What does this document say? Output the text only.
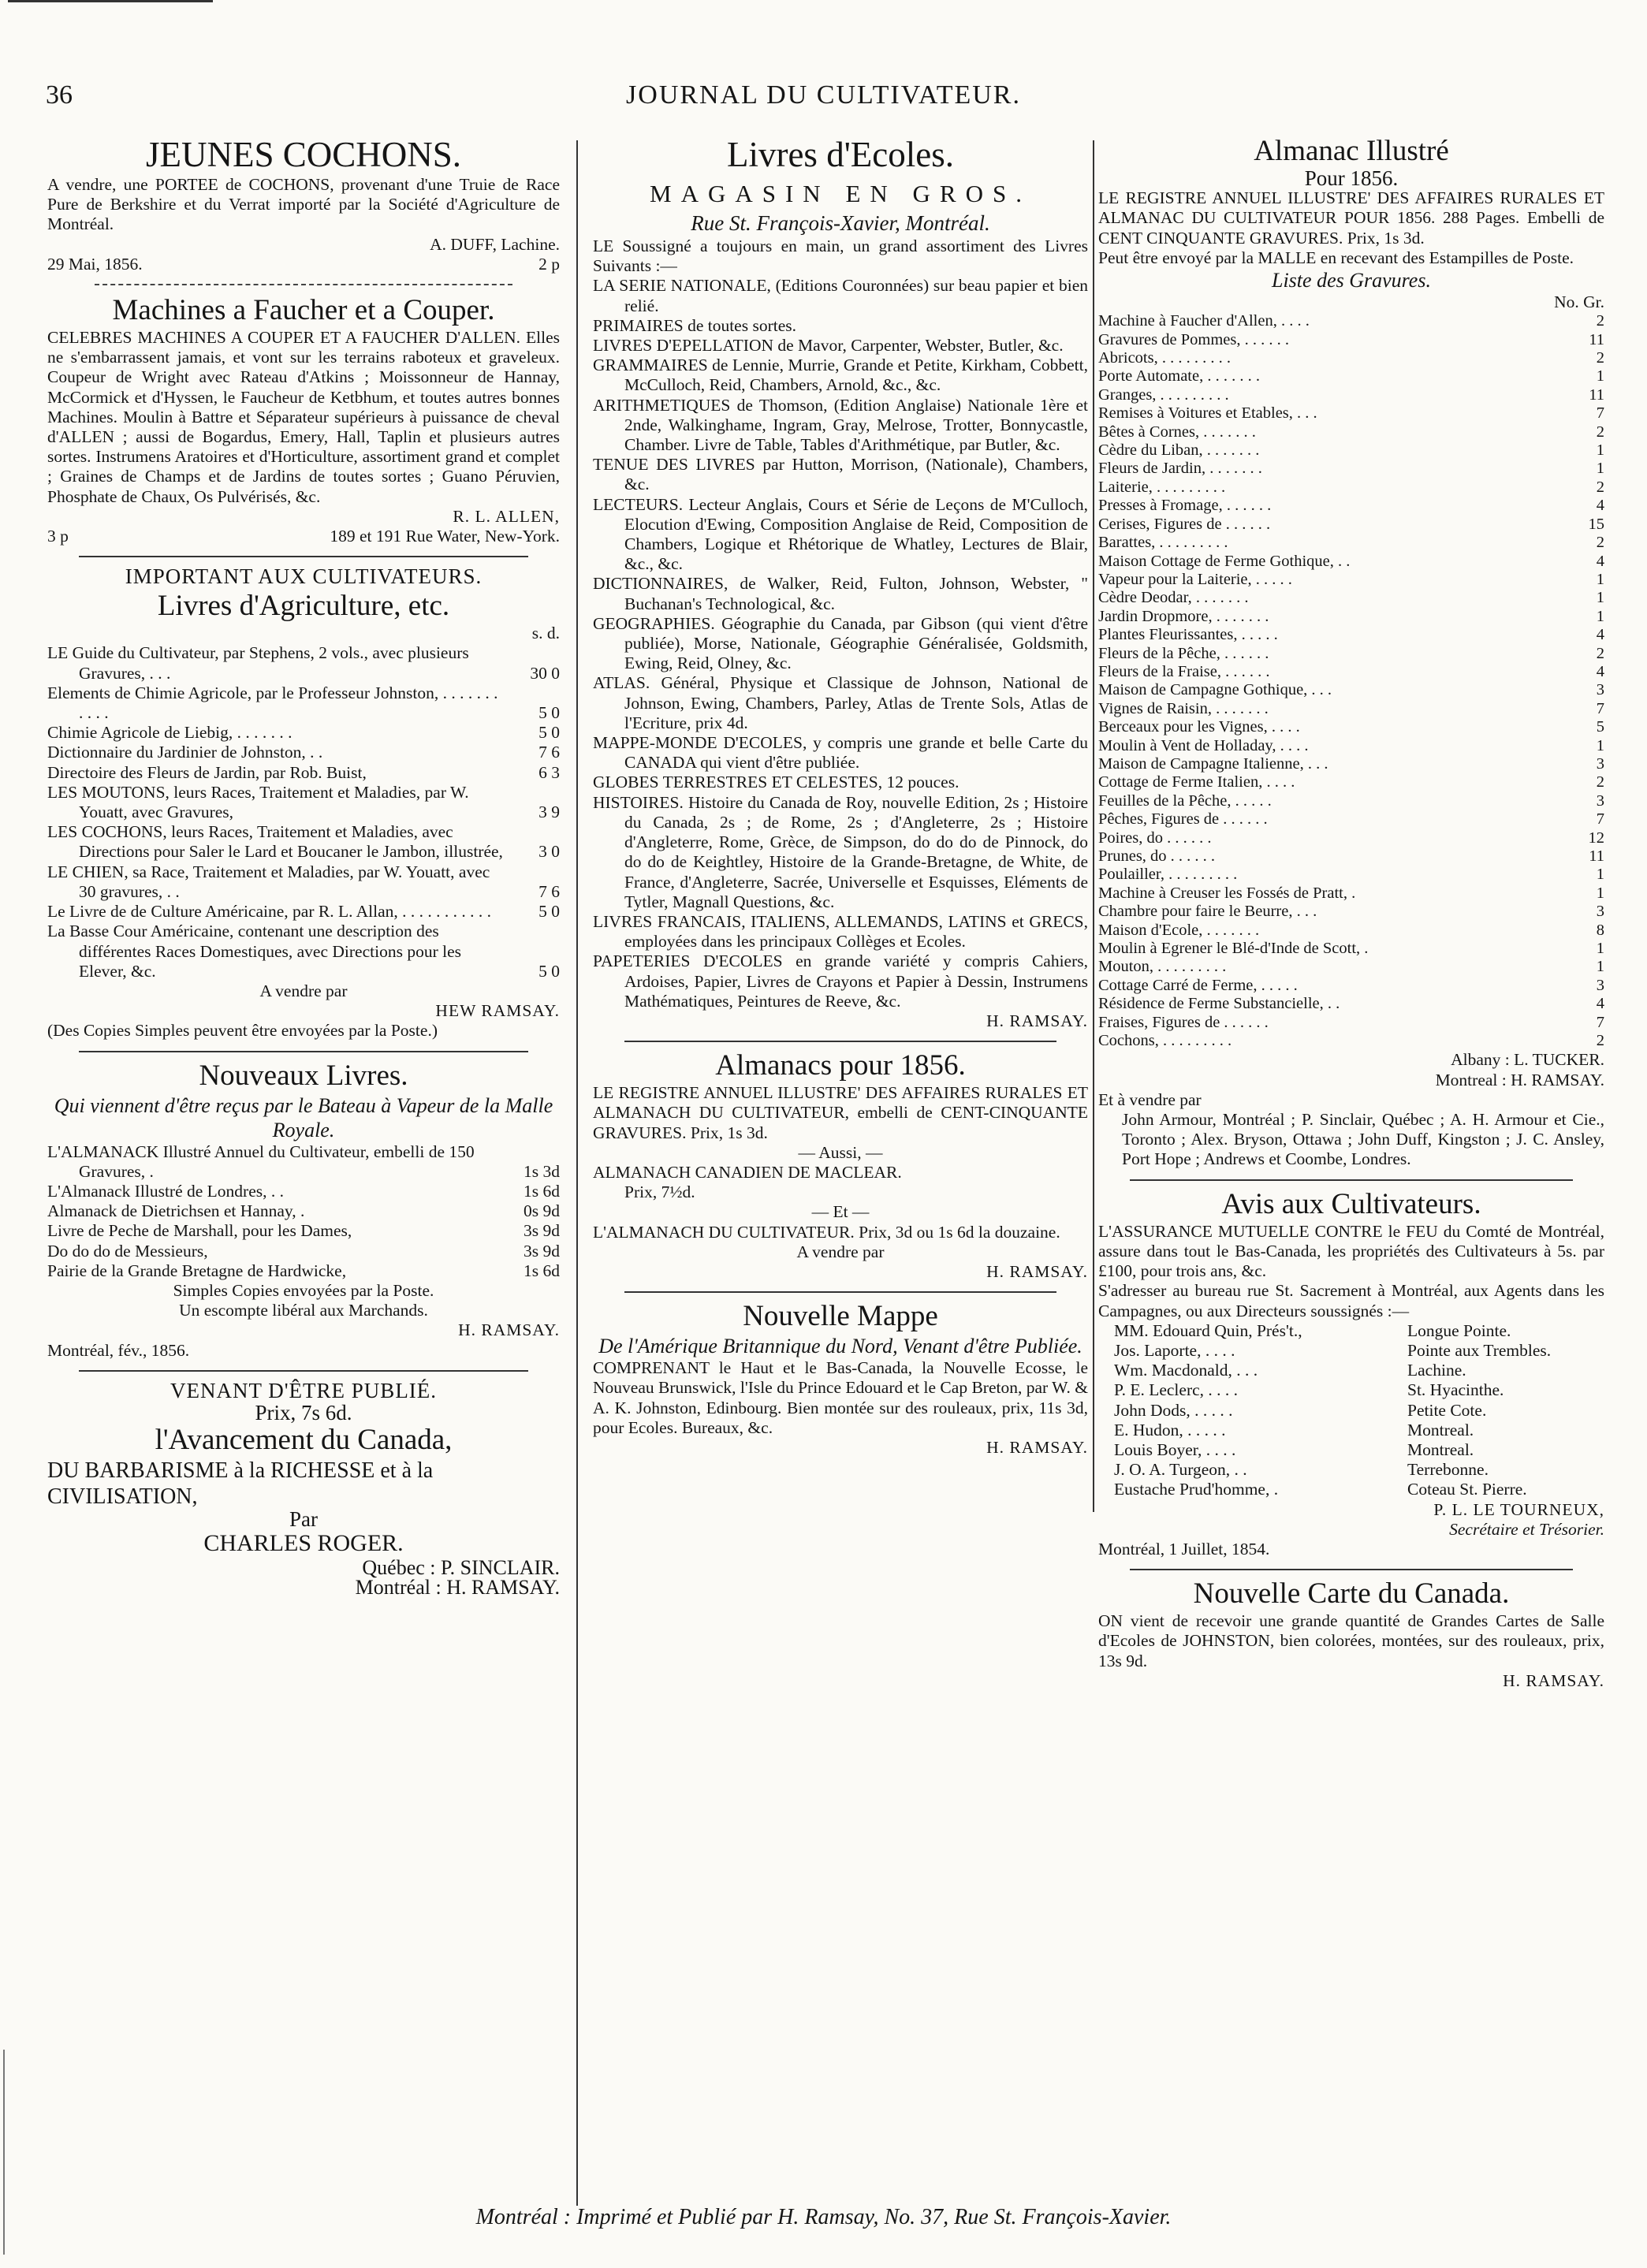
JOURNAL DU CULTIVATEUR.
36
JEUNES COCHONS.
A vendre, une PORTEE de COCHONS, provenant d'une Truie de Race Pure de Berkshire et du Verrat importé par la Société d'Agriculture de Montréal.
A. DUFF, Lachine.
29 Mai, 1856.	2 p
Machines a Faucher et a Couper.
CELEBRES MACHINES A COUPER ET A FAUCHER D'ALLEN. Elles ne s'embarrassent jamais, et vont sur les terrains raboteux et graveleux. Coupeur de Wright avec Rateau d'Atkins ; Moissonneur de Hannay, McCormick et d'Hyssen, le Faucheur de Ketbhum, et toutes autres bonnes Machines. Moulin à Battre et Séparateur supérieurs à puissance de cheval d'ALLEN ; aussi de Bogardus, Emery, Hall, Taplin et plusieurs autres sortes. Instrumens Aratoires et d'Horticulture, assortiment grand et complet ; Graines de Champs et de Jardins de toutes sortes ; Guano Péruvien, Phosphate de Chaux, Os Pulvérisés, &c.
R. L. ALLEN,
3 p	189 et 191 Rue Water, New-York.
IMPORTANT AUX CULTIVATEURS.
Livres d'Agriculture, etc.
s. d.
LE Guide du Cultivateur, par Stephens, 2 vols., avec plusieurs Gravures, . . .	30 0
Elements de Chimie Agricole, par le Professeur Johnston, . . . . . . . . . . .	5 0
Chimie Agricole de Liebig, . . . . . . .	5 0
Dictionnaire du Jardinier de Johnston, . .	7 6
Directoire des Fleurs de Jardin, par Rob. Buist,	6 3
LES MOUTONS, leurs Races, Traitement et Maladies, par W. Youatt, avec Gravures,	3 9
LES COCHONS, leurs Races, Traitement et Maladies, avec Directions pour Saler le Lard et Boucaner le Jambon, illustrée,	3 0
LE CHIEN, sa Race, Traitement et Maladies, par W. Youatt, avec 30 gravures, . .	7 6
Le Livre de de Culture Américaine, par R. L. Allan, . . . . . . . . . . .	5 0
La Basse Cour Américaine, contenant une description des différentes Races Domestiques, avec Directions pour les Elever, &c.	5 0
A vendre par
HEW RAMSAY.
(Des Copies Simples peuvent être envoyées par la Poste.)
Nouveaux Livres.
Qui viennent d'être reçus par le Bateau à Vapeur de la Malle Royale.
L'ALMANACK Illustré Annuel du Cultivateur, embelli de 150 Gravures, .	1s 3d
L'Almanack Illustré de Londres, . .	1s 6d
Almanack de Dietrichsen et Hannay, .	0s 9d
Livre de Peche de Marshall, pour les Dames,	3s 9d
Do do do de Messieurs,	3s 9d
Pairie de la Grande Bretagne de Hardwicke,	1s 6d
Simples Copies envoyées par la Poste.
Un escompte libéral aux Marchands.
H. RAMSAY.
Montréal, fév., 1856.
VENANT D'ÊTRE PUBLIÉ.
Prix, 7s 6d.
l'Avancement du Canada,
DU BARBARISME à la RICHESSE et à la CIVILISATION,
Par
CHARLES ROGER.
Québec : P. SINCLAIR.
Montréal : H. RAMSAY.
Livres d'Ecoles.
MAGASIN EN GROS.
Rue St. François-Xavier, Montréal.
LE Soussigné a toujours en main, un grand assortiment des Livres Suivants :—
LA SERIE NATIONALE, (Editions Couronnées) sur beau papier et bien relié.
PRIMAIRES de toutes sortes.
LIVRES D'EPELLATION de Mavor, Carpenter, Webster, Butler, &c.
GRAMMAIRES de Lennie, Murrie, Grande et Petite, Kirkham, Cobbett, McCulloch, Reid, Chambers, Arnold, &c., &c.
ARITHMETIQUES de Thomson, (Edition Anglaise) Nationale 1ère et 2nde, Walkinghame, Ingram, Gray, Melrose, Trotter, Bonnycastle, Chamber. Livre de Table, Tables d'Arithmétique, par Butler, &c.
TENUE DES LIVRES par Hutton, Morrison, (Nationale), Chambers, &c.
LECTEURS. Lecteur Anglais, Cours et Série de Leçons de M'Culloch, Elocution d'Ewing, Composition Anglaise de Reid, Composition de Chambers, Logique et Rhétorique de Whatley, Lectures de Blair, &c., &c.
DICTIONNAIRES, de Walker, Reid, Fulton, Johnson, Webster, " Buchanan's Technological, &c.
GEOGRAPHIES. Géographie du Canada, par Gibson (qui vient d'être publiée), Morse, Nationale, Géographie Généralisée, Goldsmith, Ewing, Reid, Olney, &c.
ATLAS. Général, Physique et Classique de Johnson, National de Johnson, Ewing, Chambers, Parley, Atlas de Trente Sols, Atlas de l'Ecriture, prix 4d.
MAPPE-MONDE D'ECOLES, y compris une grande et belle Carte du CANADA qui vient d'être publiée.
GLOBES TERRESTRES ET CELESTES, 12 pouces.
HISTOIRES. Histoire du Canada de Roy, nouvelle Edition, 2s ; Histoire du Canada, 2s ; de Rome, 2s ; d'Angleterre, 2s ; Histoire d'Angleterre, Rome, Grèce, de Simpson, do do do de Pinnock, do do do de Keightley, Histoire de la Grande-Bretagne, de White, de France, d'Angleterre, Sacrée, Universelle et Esquisses, Eléments de Tytler, Magnall Questions, &c.
LIVRES FRANCAIS, ITALIENS, ALLEMANDS, LATINS et GRECS, employées dans les principaux Collèges et Ecoles.
PAPETERIES D'ECOLES en grande variété y compris Cahiers, Ardoises, Papier, Livres de Crayons et Papier à Dessin, Instrumens Mathématiques, Peintures de Reeve, &c.
H. RAMSAY.
Almanacs pour 1856.
LE REGISTRE ANNUEL ILLUSTRE' DES AFFAIRES RURALES ET ALMANACH DU CULTIVATEUR, embelli de CENT-CINQUANTE GRAVURES. Prix, 1s 3d.
— Aussi, —
ALMANACH CANADIEN DE MACLEAR.
Prix, 7½d.
— Et —
L'ALMANACH DU CULTIVATEUR. Prix, 3d ou 1s 6d la douzaine.
A vendre par
H. RAMSAY.
Nouvelle Mappe
De l'Amérique Britannique du Nord, Venant d'être Publiée.
COMPRENANT le Haut et le Bas-Canada, la Nouvelle Ecosse, le Nouveau Brunswick, l'Isle du Prince Edouard et le Cap Breton, par W. & A. K. Johnston, Edinbourg. Bien montée sur des rouleaux, prix, 11s 3d, pour Ecoles. Bureaux, &c.
H. RAMSAY.
Almanac Illustré
Pour 1856.
LE REGISTRE ANNUEL ILLUSTRE' DES AFFAIRES RURALES ET ALMANAC DU CULTIVATEUR POUR 1856. 288 Pages. Embelli de CENT CINQUANTE GRAVURES. Prix, 1s 3d.
Peut être envoyé par la MALLE en recevant des Estampilles de Poste.
Liste des Gravures.
No. Gr.
Machine à Faucher d'Allen, . . . .	2
Gravures de Pommes, . . . . . .	11
Abricots, . . . . . . . . .	2
Porte Automate, . . . . . . .	1
Granges, . . . . . . . . .	11
Remises à Voitures et Etables, . . .	7
Bêtes à Cornes, . . . . . . .	2
Cèdre du Liban, . . . . . . .	1
Fleurs de Jardin, . . . . . . .	1
Laiterie, . . . . . . . . .	2
Presses à Fromage, . . . . . .	4
Cerises, Figures de . . . . . .	15
Barattes, . . . . . . . . .	2
Maison Cottage de Ferme Gothique, . .	4
Vapeur pour la Laiterie, . . . . .	1
Cèdre Deodar, . . . . . . .	1
Jardin Dropmore, . . . . . . .	1
Plantes Fleurissantes, . . . . .	4
Fleurs de la Pêche, . . . . . .	2
Fleurs de la Fraise, . . . . . .	4
Maison de Campagne Gothique, . . .	3
Vignes de Raisin, . . . . . . .	7
Berceaux pour les Vignes, . . . .	5
Moulin à Vent de Holladay, . . . .	1
Maison de Campagne Italienne, . . .	3
Cottage de Ferme Italien, . . . .	2
Feuilles de la Pêche, . . . . .	3
Pêches, Figures de . . . . . .	7
Poires, do . . . . . .	12
Prunes, do . . . . . .	11
Poulailler, . . . . . . . . .	1
Machine à Creuser les Fossés de Pratt, .	1
Chambre pour faire le Beurre, . . .	3
Maison d'Ecole, . . . . . . .	8
Moulin à Egrener le Blé-d'Inde de Scott, .	1
Mouton, . . . . . . . . .	1
Cottage Carré de Ferme, . . . . .	3
Résidence de Ferme Substancielle, . .	4
Fraises, Figures de . . . . . .	7
Cochons, . . . . . . . . .	2
Albany : L. TUCKER.
Montreal : H. RAMSAY.
Et à vendre par
John Armour, Montréal ; P. Sinclair, Québec ; A. H. Armour et Cie., Toronto ; Alex. Bryson, Ottawa ; John Duff, Kingston ; J. C. Ansley, Port Hope ; Andrews et Coombe, Londres.
Avis aux Cultivateurs.
L'ASSURANCE MUTUELLE CONTRE le FEU du Comté de Montréal, assure dans tout le Bas-Canada, les propriétés des Cultivateurs à 5s. par £100, pour trois ans, &c.
S'adresser au bureau rue St. Sacrement à Montréal, aux Agents dans les Campagnes, ou aux Directeurs soussignés :—
MM. Edouard Quin, Prés't.,	Longue Pointe.
Jos. Laporte, . . . .	Pointe aux Trembles.
Wm. Macdonald, . . .	Lachine.
P. E. Leclerc, . . . .	St. Hyacinthe.
John Dods, . . . . .	Petite Cote.
E. Hudon, . . . . .	Montreal.
Louis Boyer, . . . .	Montreal.
J. O. A. Turgeon, . .	Terrebonne.
Eustache Prud'homme, .	Coteau St. Pierre.
P. L. LE TOURNEUX,
Secrétaire et Trésorier.
Montréal, 1 Juillet, 1854.
Nouvelle Carte du Canada.
ON vient de recevoir une grande quantité de Grandes Cartes de Salle d'Ecoles de JOHNSTON, bien colorées, montées, sur des rouleaux, prix, 13s 9d.
H. RAMSAY.
Montréal : Imprimé et Publié par H. Ramsay, No. 37, Rue St. François-Xavier.
